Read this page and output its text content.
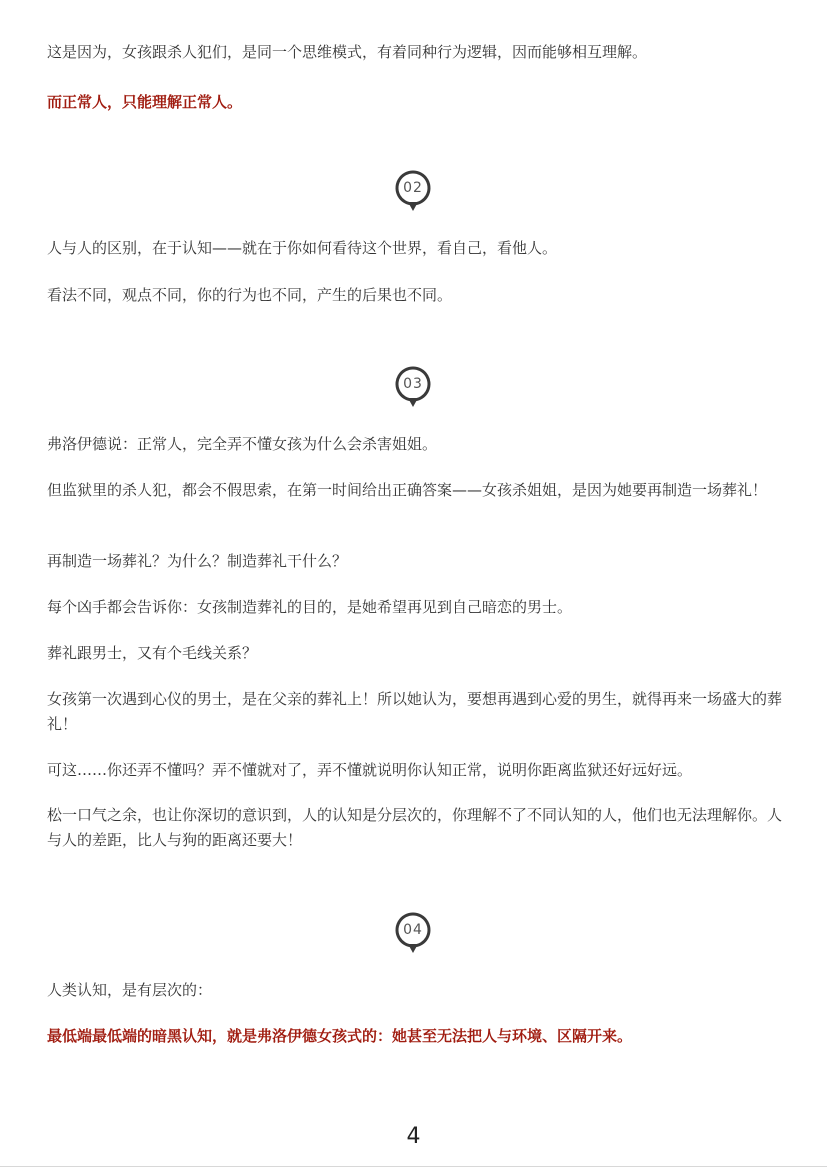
这是因为，女孩跟杀人犯们，是同一个思维模式，有着同种行为逻辑，因而能够相互理解。

而正常人，只能理解正常人。

02

人与人的区别，在于认知——就在于你如何看待这个世界，看自己，看他人。

看法不同，观点不同，你的行为也不同，产生的后果也不同。

03

弗洛伊德说：正常人，完全弄不懂女孩为什么会杀害姐姐。

但监狱里的杀人犯，都会不假思索，在第一时间给出正确答案——女孩杀姐姐，是因为她要再制造一场葬礼！

再制造一场葬礼？为什么？制造葬礼干什么？

每个凶手都会告诉你：女孩制造葬礼的目的，是她希望再见到自己暗恋的男士。

葬礼跟男士，又有个毛线关系？

女孩第一次遇到心仪的男士，是在父亲的葬礼上！所以她认为，要想再遇到心爱的男生，就得再来一场盛大的葬礼！

可这……你还弄不懂吗？弄不懂就对了，弄不懂就说明你认知正常，说明你距离监狱还好远好远。

松一口气之余，也让你深切的意识到，人的认知是分层次的，你理解不了不同认知的人，他们也无法理解你。人与人的差距，比人与狗的距离还要大！

04

人类认知，是有层次的：

最低端最低端的暗黑认知，就是弗洛伊德女孩式的：她甚至无法把人与环境、区隔开来。

4
